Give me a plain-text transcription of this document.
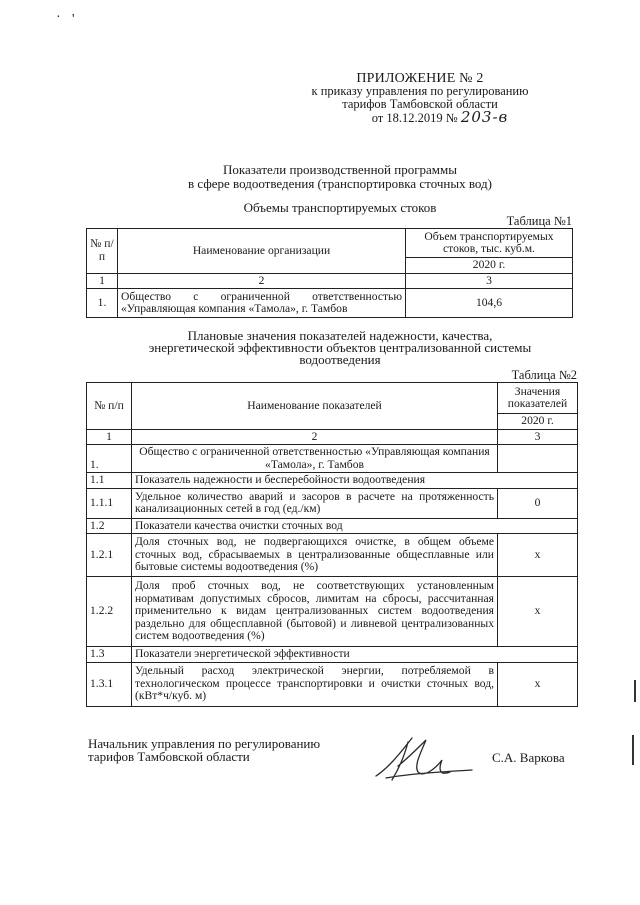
· '
ПРИЛОЖЕНИЕ № 2
к приказу управления по регулированию
тарифов Тамбовской области
от 18.12.2019 № 203-в
Показатели производственной программы
в сфере водоотведения (транспортировка сточных вод)
Объемы транспортируемых стоков
Таблица №1
№ п/п	Наименование организации	Объем транспортируемых стоков, тыс. куб.м.
		2020 г.
1	2	3
1.	Общество с ограниченной ответственностью «Управляющая компания «Тамола», г. Тамбов	104,6
Плановые значения показателей надежности, качества,
энергетической эффективности объектов централизованной системы
водоотведения
Таблица №2
№ п/п	Наименование показателей	Значения показателей
		2020 г.
1	2	3
1.	Общество с ограниченной ответственностью «Управляющая компания «Тамола», г. Тамбов	
1.1	Показатель надежности и бесперебойности водоотведения	
1.1.1	Удельное количество аварий и засоров в расчете на протяженность канализационных сетей в год (ед./км)	0
1.2	Показатели качества очистки сточных вод	
1.2.1	Доля сточных вод, не подвергающихся очистке, в общем объеме сточных вод, сбрасываемых в централизованные общесплавные или бытовые системы водоотведения (%)	x
1.2.2	Доля проб сточных вод, не соответствующих установленным нормативам допустимых сбросов, лимитам на сбросы, рассчитанная применительно к видам централизованных систем водоотведения раздельно для общесплавной (бытовой) и ливневой централизованных систем водоотведения (%)	x
1.3	Показатели энергетической эффективности	
1.3.1	Удельный расход электрической энергии, потребляемой в технологическом процессе транспортировки и очистки сточных вод, (кВт*ч/куб. м)	x
Начальник управления по регулированию
тарифов Тамбовской области	С.А. Варкова
